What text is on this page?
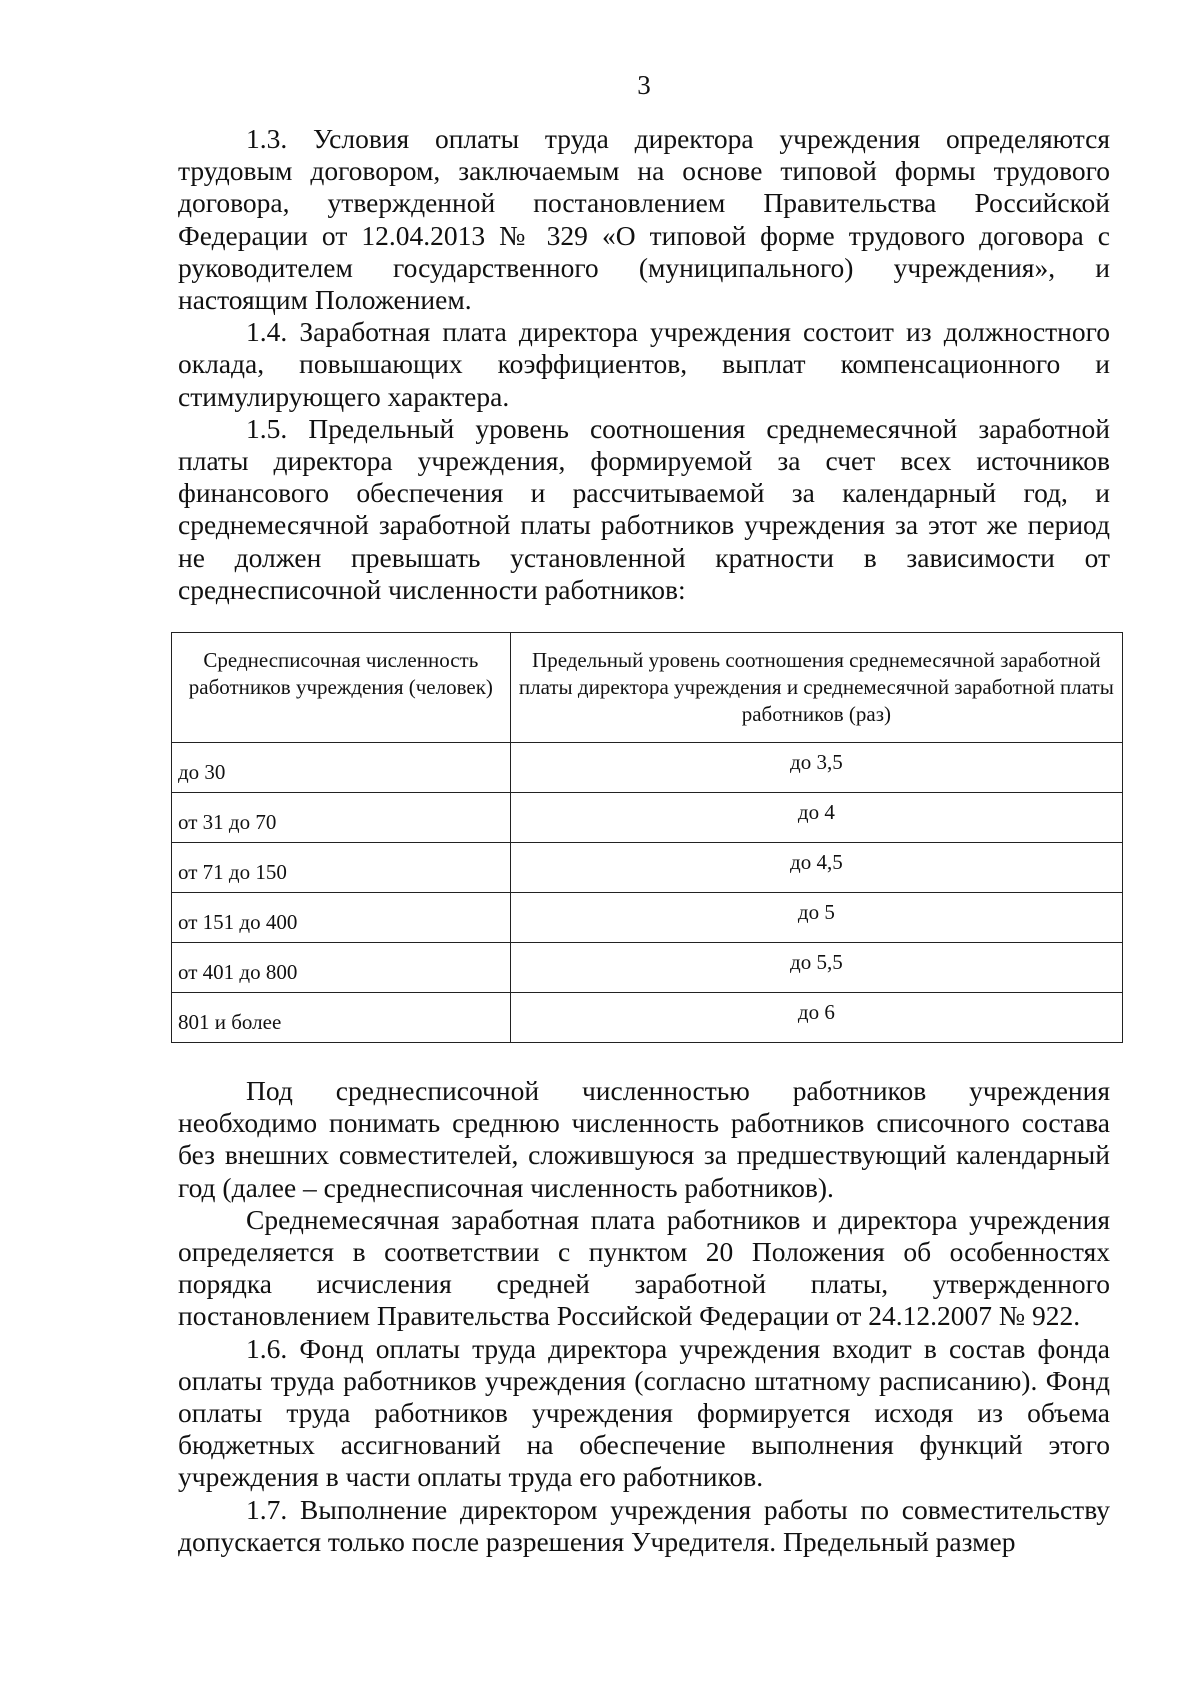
3

1.3. Условия оплаты труда директора учреждения определяются трудовым договором, заключаемым на основе типовой формы трудового договора, утвержденной постановлением Правительства Российской Федерации от 12.04.2013 № 329 «О типовой форме трудового договора с руководителем государственного (муниципального) учреждения», и настоящим Положением.

1.4. Заработная плата директора учреждения состоит из должностного оклада, повышающих коэффициентов, выплат компенсационного и стимулирующего характера.

1.5. Предельный уровень соотношения среднемесячной заработной платы директора учреждения, формируемой за счет всех источников финансового обеспечения и рассчитываемой за календарный год, и среднемесячной заработной платы работников учреждения за этот же период не должен превышать установленной кратности в зависимости от среднесписочной численности работников:

Среднесписочная численность работников учреждения (человек)	Предельный уровень соотношения среднемесячной заработной платы директора учреждения и среднемесячной заработной платы работников (раз)
до 30	до 3,5
от 31 до 70	до 4
от 71 до 150	до 4,5
от 151 до 400	до 5
от 401 до 800	до 5,5
801 и более	до 6

Под среднесписочной численностью работников учреждения необходимо понимать среднюю численность работников списочного состава без внешних совместителей, сложившуюся за предшествующий календарный год (далее – среднесписочная численность работников).

Среднемесячная заработная плата работников и директора учреждения определяется в соответствии с пунктом 20 Положения об особенностях порядка исчисления средней заработной платы, утвержденного постановлением Правительства Российской Федерации от 24.12.2007 № 922.

1.6. Фонд оплаты труда директора учреждения входит в состав фонда оплаты труда работников учреждения (согласно штатному расписанию). Фонд оплаты труда работников учреждения формируется исходя из объема бюджетных ассигнований на обеспечение выполнения функций этого учреждения в части оплаты труда его работников.

1.7. Выполнение директором учреждения работы по совместительству допускается только после разрешения Учредителя. Предельный размер
